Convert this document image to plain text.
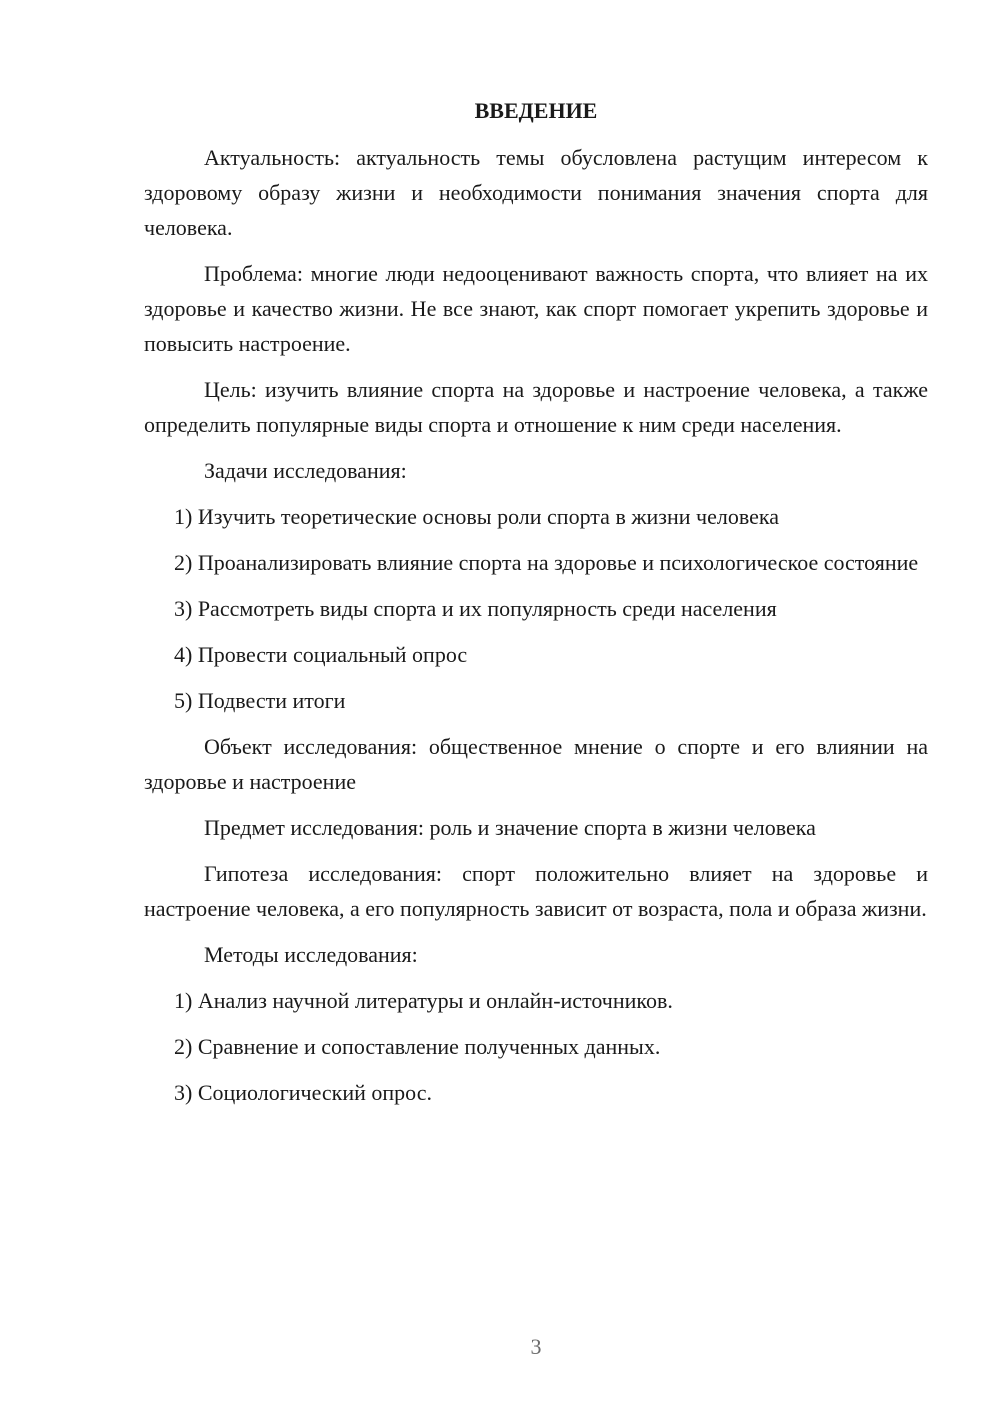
ВВЕДЕНИЕ

Актуальность: актуальность темы обусловлена растущим интересом к здоровому образу жизни и необходимости понимания значения спорта для человека.

Проблема: многие люди недооценивают важность спорта, что влияет на их здоровье и качество жизни. Не все знают, как спорт помогает укрепить здоровье и повысить настроение.

Цель: изучить влияние спорта на здоровье и настроение человека, а также определить популярные виды спорта и отношение к ним среди населения.

Задачи исследования:

1) Изучить теоретические основы роли спорта в жизни человека

2) Проанализировать влияние спорта на здоровье и психологическое состояние

3) Рассмотреть виды спорта и их популярность среди населения

4) Провести социальный опрос

5) Подвести итоги

Объект исследования: общественное мнение о спорте и его влиянии на здоровье и настроение

Предмет исследования: роль и значение спорта в жизни человека

Гипотеза исследования: спорт положительно влияет на здоровье и настроение человека, а его популярность зависит от возраста, пола и образа жизни.

Методы исследования:

1) Анализ научной литературы и онлайн-источников.

2) Сравнение и сопоставление полученных данных.

3) Социологический опрос.

3
